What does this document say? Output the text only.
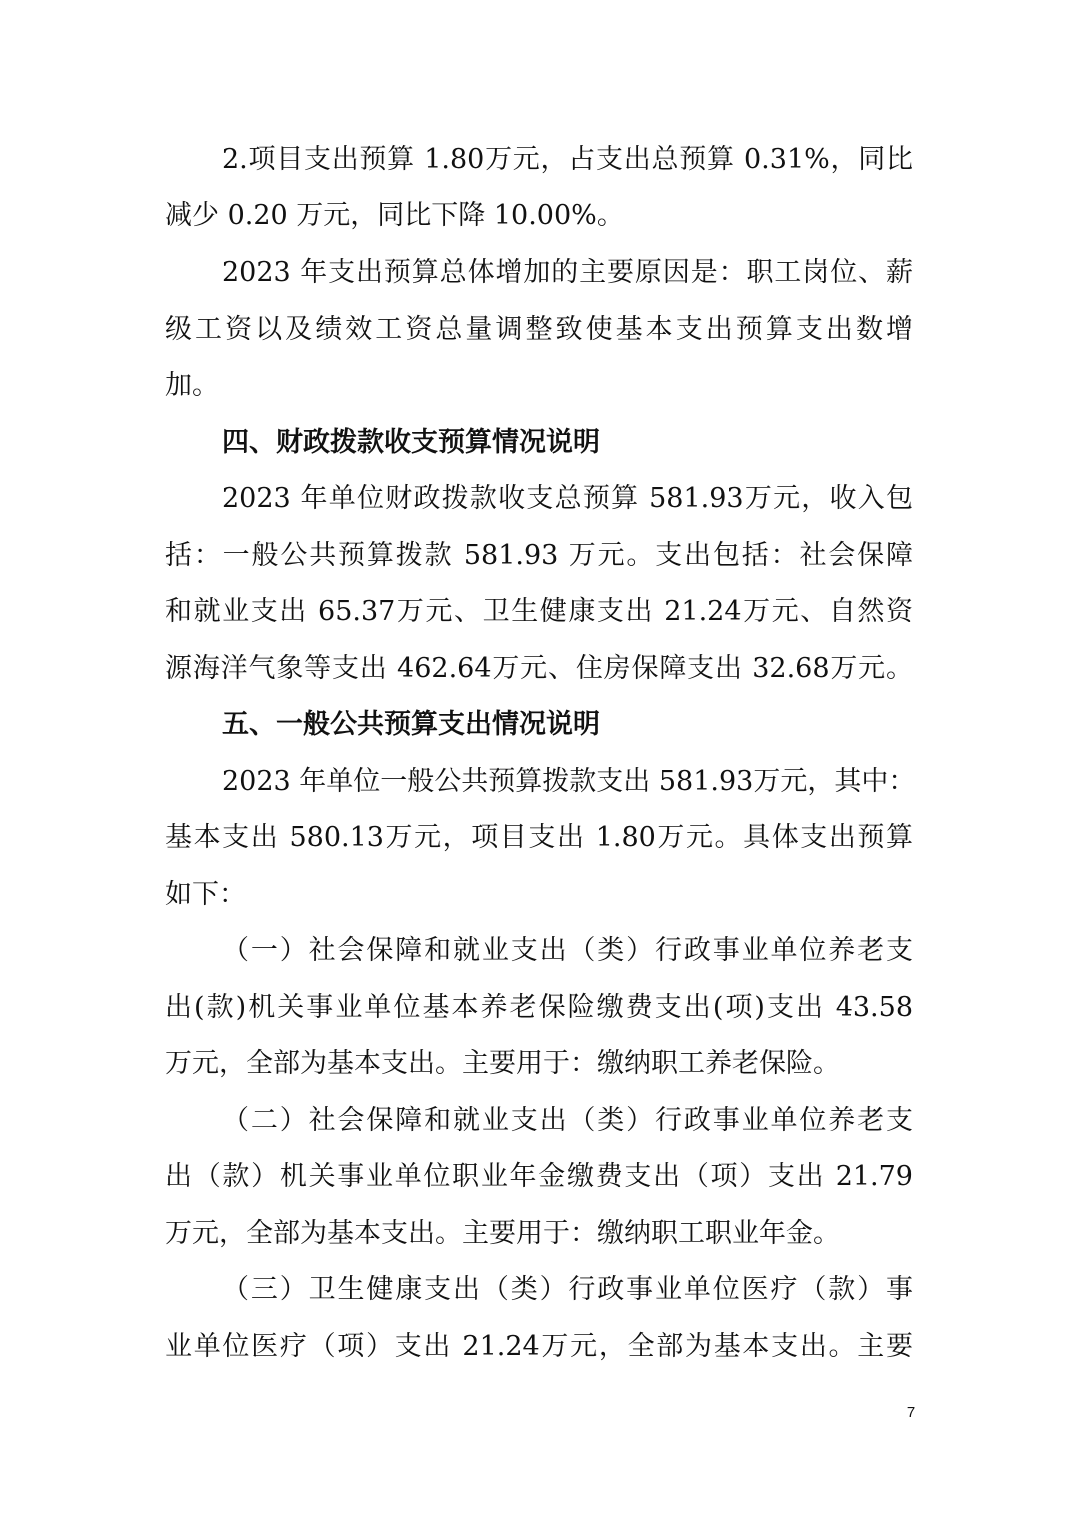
2.项目支出预算 1.80万元，占支出总预算 0.31%，同比
减少 0.20 万元，同比下降 10.00%。
2023 年支出预算总体增加的主要原因是：职工岗位、薪
级工资以及绩效工资总量调整致使基本支出预算支出数增
加。
四、财政拨款收支预算情况说明
2023 年单位财政拨款收支总预算 581.93万元，收入包
括：一般公共预算拨款 581.93 万元。支出包括：社会保障
和就业支出 65.37万元、卫生健康支出 21.24万元、自然资
源海洋气象等支出 462.64万元、住房保障支出 32.68万元。
五、一般公共预算支出情况说明
2023 年单位一般公共预算拨款支出 581.93万元，其中：
基本支出 580.13万元，项目支出 1.80万元。具体支出预算
如下：
（一）社会保障和就业支出（类）行政事业单位养老支
出(款)机关事业单位基本养老保险缴费支出(项)支出 43.58
万元，全部为基本支出。主要用于：缴纳职工养老保险。
（二）社会保障和就业支出（类）行政事业单位养老支
出（款）机关事业单位职业年金缴费支出（项）支出 21.79
万元，全部为基本支出。主要用于：缴纳职工职业年金。
（三）卫生健康支出（类）行政事业单位医疗（款）事
业单位医疗（项）支出 21.24万元，全部为基本支出。主要
7
